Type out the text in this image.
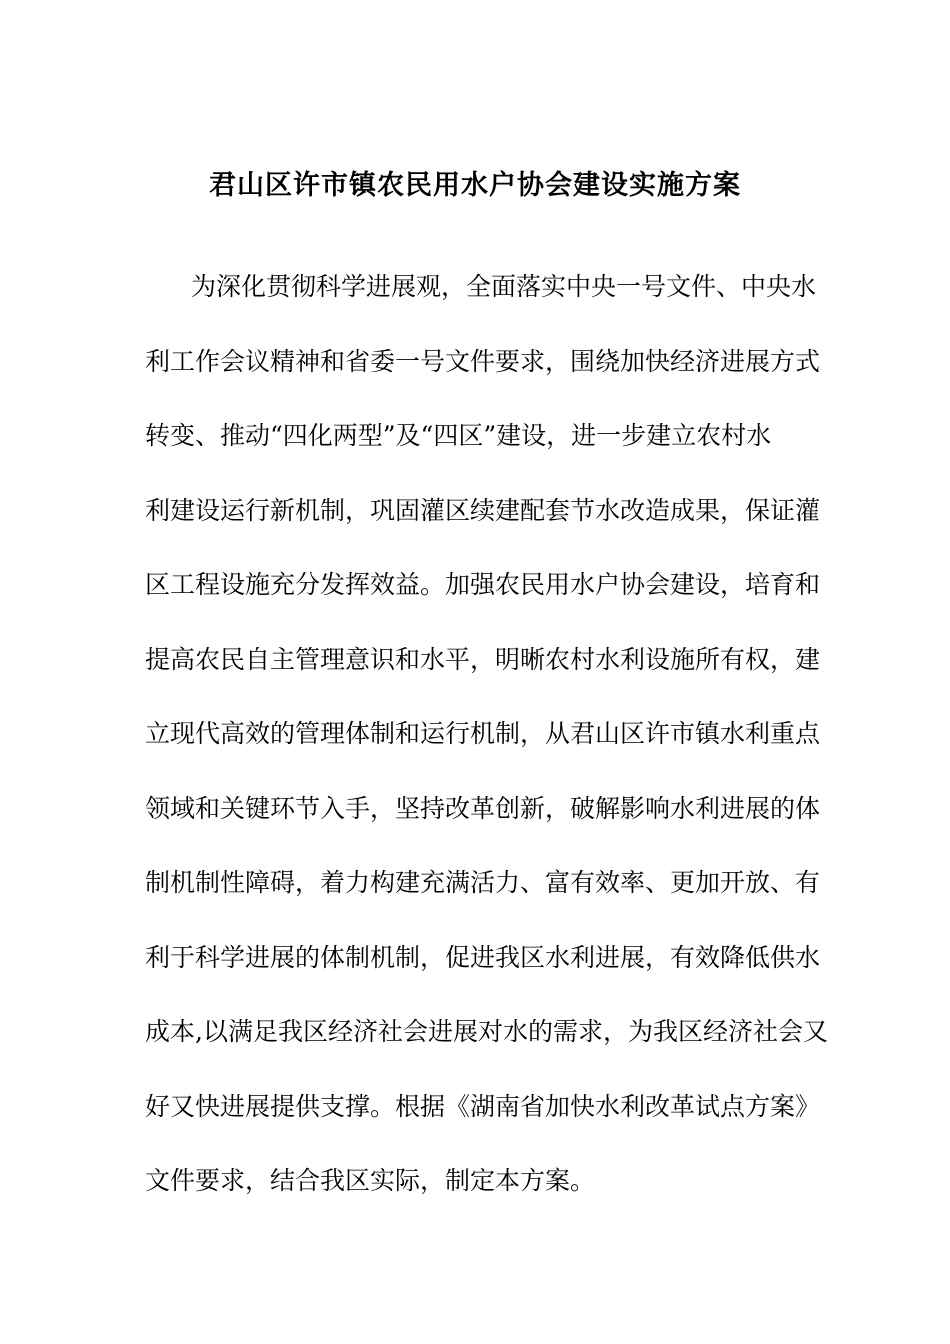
君山区许市镇农民用水户协会建设实施方案
为深化贯彻科学进展观，全面落实中央一号文件、中央水
利工作会议精神和省委一号文件要求，围绕加快经济进展方式
转变、推动“四化两型”及“四区”建设，进一步建立农村水
利建设运行新机制，巩固灌区续建配套节水改造成果，保证灌
区工程设施充分发挥效益。加强农民用水户协会建设，培育和
提高农民自主管理意识和水平，明晰农村水利设施所有权，建
立现代高效的管理体制和运行机制，从君山区许市镇水利重点
领域和关键环节入手，坚持改革创新，破解影响水利进展的体
制机制性障碍，着力构建充满活力、富有效率、更加开放、有
利于科学进展的体制机制，促进我区水利进展，有效降低供水
成本,以满足我区经济社会进展对水的需求，为我区经济社会又
好又快进展提供支撑。根据《湖南省加快水利改革试点方案》
文件要求，结合我区实际，制定本方案。
